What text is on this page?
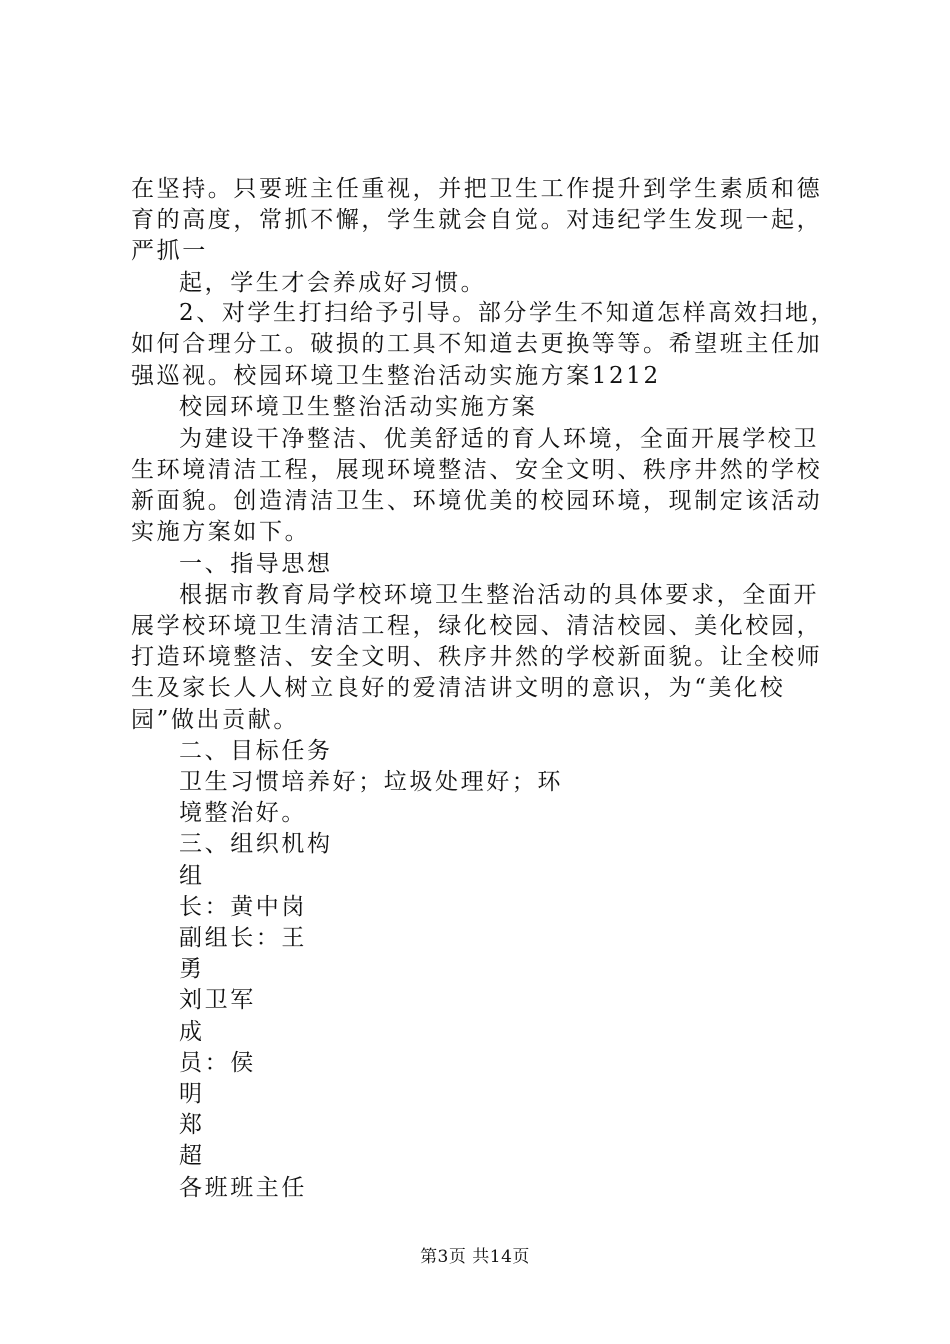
在坚持。只要班主任重视，并把卫生工作提升到学生素质和德
育的高度，常抓不懈，学生就会自觉。对违纪学生发现一起，
严抓一
起，学生才会养成好习惯。
2、对学生打扫给予引导。部分学生不知道怎样高效扫地，
如何合理分工。破损的工具不知道去更换等等。希望班主任加
强巡视。校园环境卫生整治活动实施方案1212
校园环境卫生整治活动实施方案
为建设干净整洁、优美舒适的育人环境，全面开展学校卫
生环境清洁工程，展现环境整洁、安全文明、秩序井然的学校
新面貌。创造清洁卫生、环境优美的校园环境，现制定该活动
实施方案如下。
一、指导思想
根据市教育局学校环境卫生整治活动的具体要求，全面开
展学校环境卫生清洁工程，绿化校园、清洁校园、美化校园，
打造环境整洁、安全文明、秩序井然的学校新面貌。让全校师
生及家长人人树立良好的爱清洁讲文明的意识，为“美化校
园”做出贡献。
二、目标任务
卫生习惯培养好；垃圾处理好；环
境整治好。
三、组织机构
组
长：黄中岗
副组长：王
勇
刘卫军
成
员：侯
明
郑
超
各班班主任
第3页 共14页
